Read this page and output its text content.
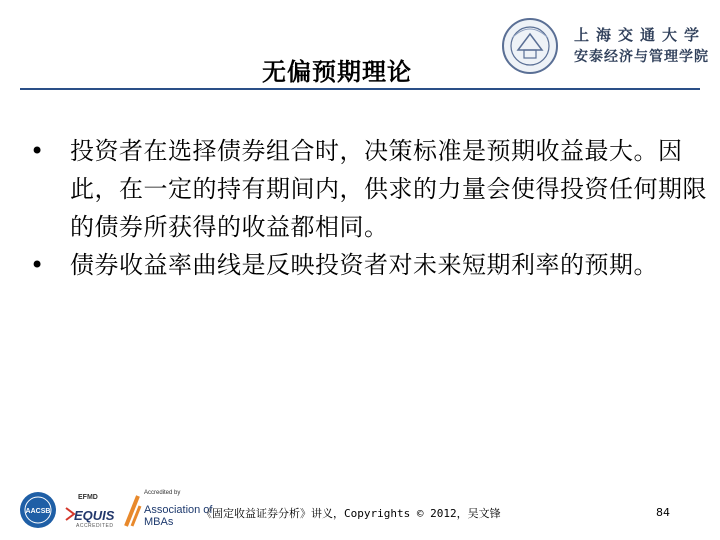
无偏预期理论
上海交通大学
安泰经济与管理学院
• 投资者在选择债券组合时，决策标准是预期收益最大。因此，在一定的持有期间内，供求的力量会使得投资任何期限的债券所获得的收益都相同。
• 债券收益率曲线是反映投资者对未来短期利率的预期。
AACSB
EFMD
EQUIS
ACCREDITED
Accredited by
Association of MBAs
《固定收益证券分析》讲义，Copyrights © 2012，吴文锋	84
